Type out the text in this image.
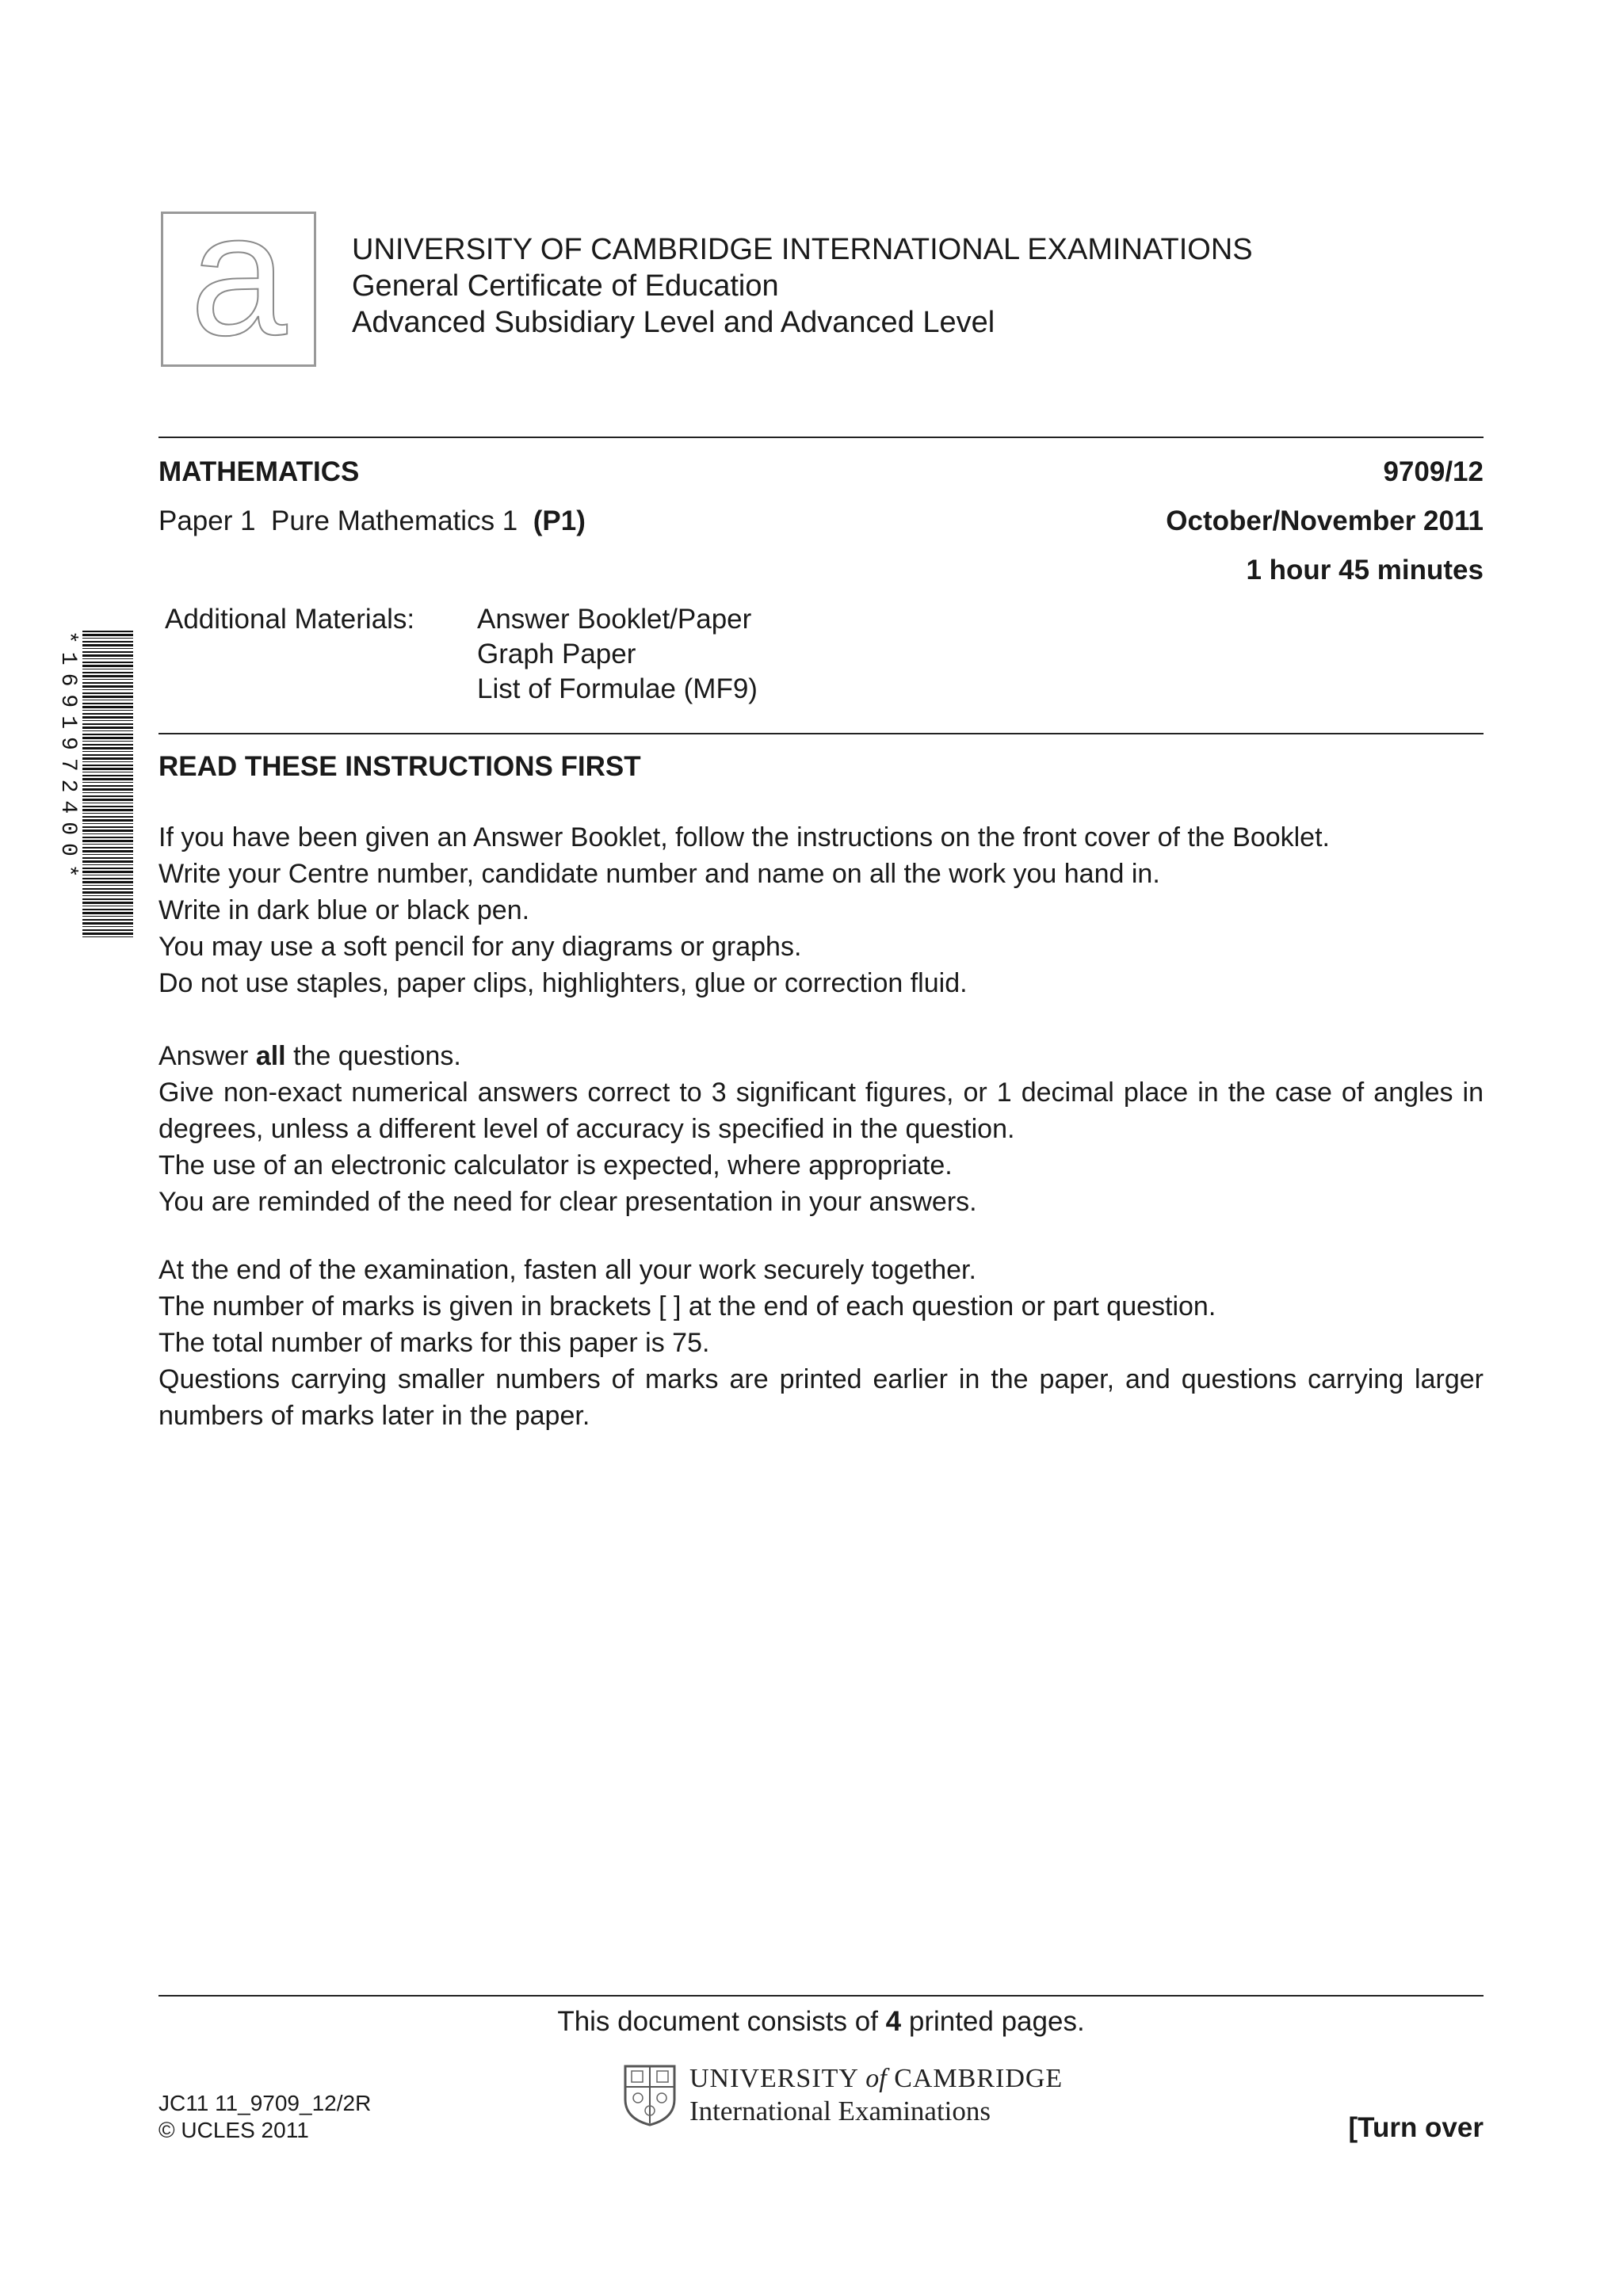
a	UNIVERSITY OF CAMBRIDGE INTERNATIONAL EXAMINATIONS
General Certificate of Education
Advanced Subsidiary Level and Advanced Level
MATHEMATICS	9709/12
Paper 1  Pure Mathematics 1  (P1)	October/November 2011
1 hour 45 minutes
Additional Materials: Answer Booklet/Paper
Graph Paper
List of Formulae (MF9)
*1691972400*	READ THESE INSTRUCTIONS FIRST

If you have been given an Answer Booklet, follow the instructions on the front cover of the Booklet.

Write your Centre number, candidate number and name on all the work you hand in.

Write in dark blue or black pen.

You may use a soft pencil for any diagrams or graphs.

Do not use staples, paper clips, highlighters, glue or correction fluid.

Answer all the questions.

Give non-exact numerical answers correct to 3 significant figures, or 1 decimal place in the case of angles in degrees, unless a different level of accuracy is specified in the question.

The use of an electronic calculator is expected, where appropriate.

You are reminded of the need for clear presentation in your answers.

At the end of the examination, fasten all your work securely together.

The number of marks is given in brackets [ ] at the end of each question or part question.

The total number of marks for this paper is 75.

Questions carrying smaller numbers of marks are printed earlier in the paper, and questions carrying larger numbers of marks later in the paper.

This document consists of 4 printed pages.
JC11 11_9709_12/2R
© UCLES 2011
UNIVERSITY of CAMBRIDGE
International Examinations
[Turn over
